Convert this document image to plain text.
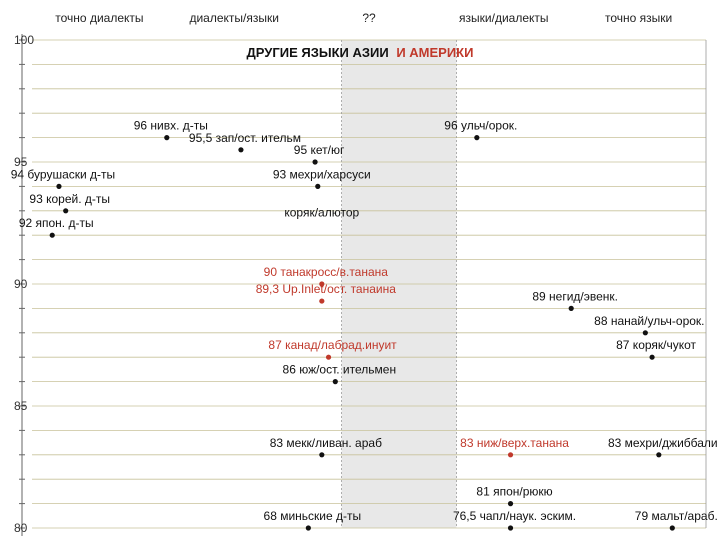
точно диалекты	диалекты/языки	??	языки/диалекты	точно языки
100
95
90
85
80
ДРУГИЕ ЯЗЫКИ АЗИИ И АМЕРИКИ
96 нивх. д-ты	96 ульч/орок.
95,5 зап/ост. ительм
95 кет/юг
94 бурушаски д-ты	93 мехри/харсуси
коряк/алютор
93 корей. д-ты
92 япон. д-ты
90 танакросс/в.танана
89,3 Up.Inlet/ост. танаина
89 негид/эвенк.
88 нанай/ульч-орок.
87 канад/лабрад.инуит	87 коряк/чукот
86 юж/ост. ительмен
83 мекк/ливан. араб	83 ниж/верх.танана	83 мехри/джиббали
81 япон/рюкю
68 миньские д-ты	76,5 чапл/наук. эским.	79 мальт/араб.
